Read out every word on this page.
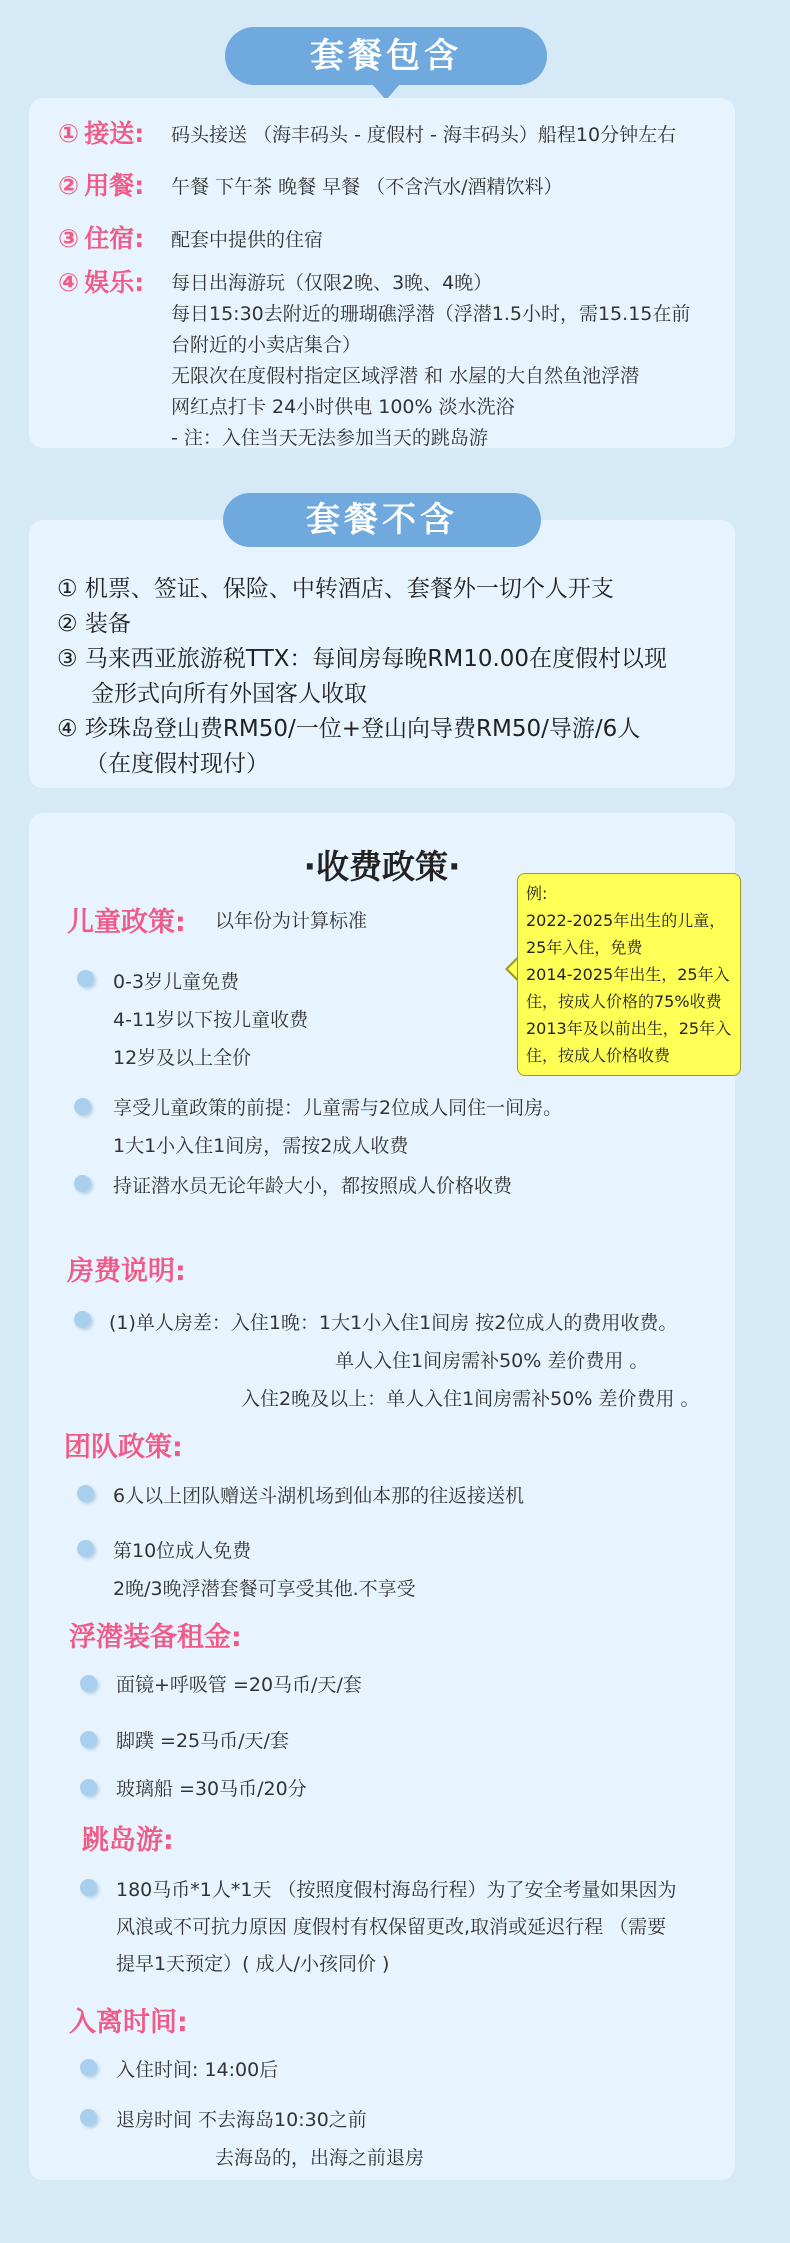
套餐包含
① 接送: 码头接送 （海丰码头 - 度假村 - 海丰码头）船程10分钟左右
② 用餐: 午餐 下午茶 晚餐 早餐 （不含汽水/酒精饮料）
③ 住宿: 配套中提供的住宿
④ 娱乐: 每日出海游玩（仅限2晚、3晚、4晚）
每日15:30去附近的珊瑚礁浮潜（浮潜1.5小时，需15.15在前
台附近的小卖店集合）
无限次在度假村指定区域浮潜 和 水屋的大自然鱼池浮潜
网红点打卡 24小时供电 100% 淡水洗浴
- 注：入住当天无法参加当天的跳岛游
套餐不含
① 机票、签证、保险、中转酒店、套餐外一切个人开支
② 装备
③ 马来西亚旅游税TTX：每间房每晚RM10.00在度假村以现
金形式向所有外国客人收取
④ 珍珠岛登山费RM50/一位+登山向导费RM50/导游/6人
（在度假村现付）
·收费政策·
儿童政策: 以年份为计算标准
0-3岁儿童免费
4-11岁以下按儿童收费
12岁及以上全价
享受儿童政策的前提：儿童需与2位成人同住一间房。
1大1小入住1间房，需按2成人收费
持证潜水员无论年龄大小，都按照成人价格收费
房费说明:
(1)单人房差：入住1晚：1大1小入住1间房 按2位成人的费用收费。
单人入住1间房需补50% 差价费用 。
入住2晚及以上：单人入住1间房需补50% 差价费用 。
团队政策:
6人以上团队赠送斗湖机场到仙本那的往返接送机
第10位成人免费
2晚/3晚浮潜套餐可享受其他.不享受
浮潜装备租金:
面镜+呼吸管 =20马币/天/套
脚蹼 =25马币/天/套
玻璃船 =30马币/20分
跳岛游:
180马币*1人*1天 （按照度假村海岛行程）为了安全考量如果因为
风浪或不可抗力原因 度假村有权保留更改,取消或延迟行程 （需要
提早1天预定）( 成人/小孩同价 )
入离时间:
入住时间: 14:00后
退房时间 不去海岛10:30之前
去海岛的，出海之前退房
例:
2022-2025年出生的儿童，
25年入住，免费
2014-2025年出生，25年入
住，按成人价格的75%收费
2013年及以前出生，25年入
住，按成人价格收费
